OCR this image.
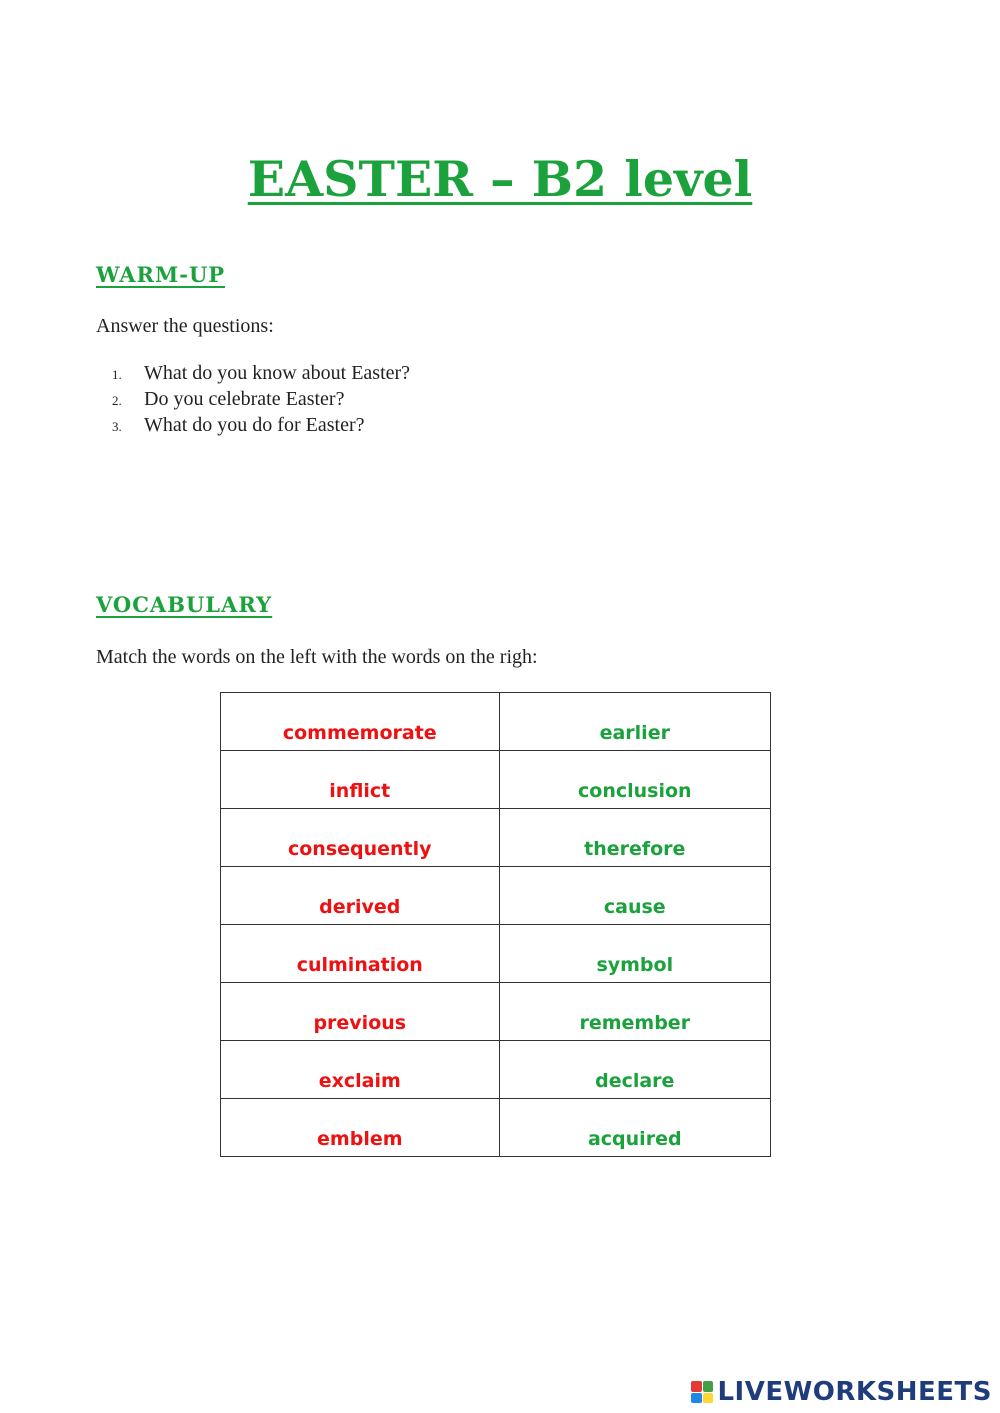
EASTER – B2 level
WARM-UP

Answer the questions:

1.	What do you know about Easter?
2.	Do you celebrate Easter?
3.	What do you do for Easter?
VOCABULARY

Match the words on the left with the words on the righ:

commemorate	earlier
inflict	conclusion
consequently	therefore
derived	cause
culmination	symbol
previous	remember
exclaim	declare
emblem	acquired
LIVEWORKSHEETS
